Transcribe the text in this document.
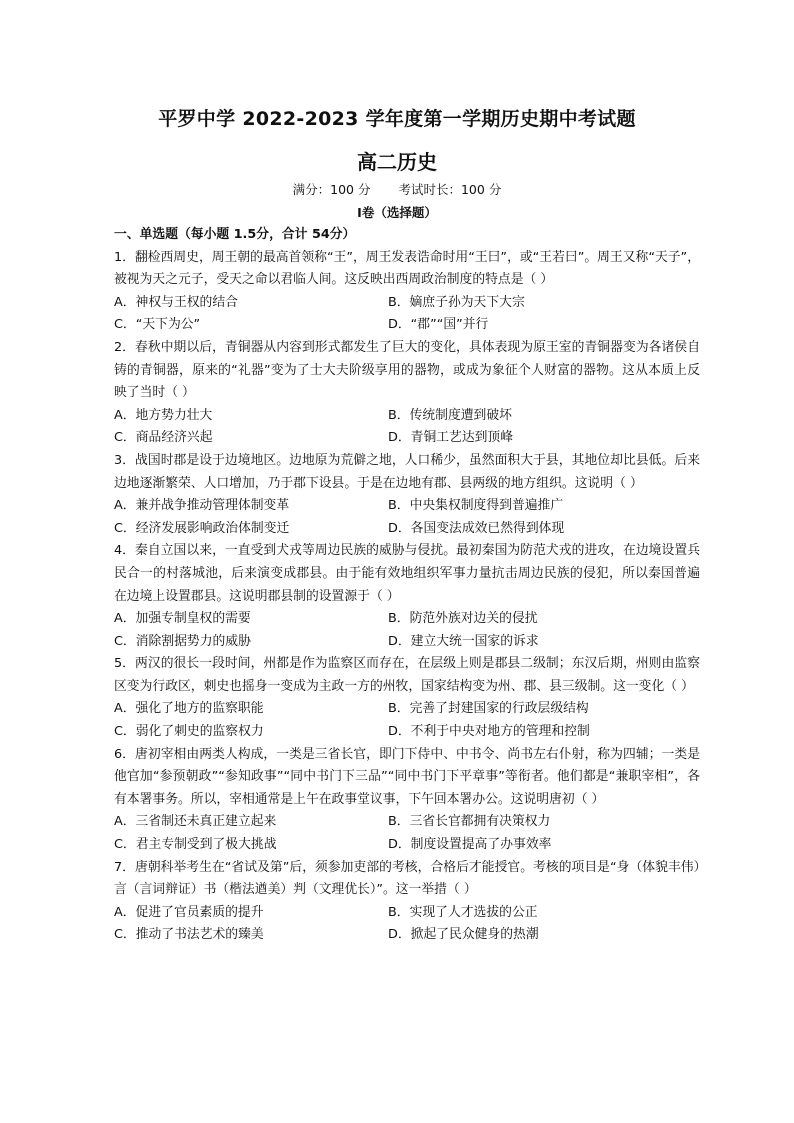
平罗中学 2022-2023 学年度第一学期历史期中考试题
高二历史
满分：100 分 考试时长：100 分
I卷（选择题）
一、单选题（每小题 1.5分，合计 54分）
1．翻检西周史，周王朝的最高首领称“王”，周王发表诰命时用“王曰”，或“王若曰”。周王又称“天子”，被视为天之元子，受天之命以君临人间。这反映出西周政治制度的特点是（ ）
A．神权与王权的结合	B．嫡庶子孙为天下大宗
C．“天下为公”	D．“郡”“国”并行
2．春秋中期以后，青铜器从内容到形式都发生了巨大的变化，具体表现为原王室的青铜器变为各诸侯自铸的青铜器，原来的“礼器”变为了士大夫阶级享用的器物，或成为象征个人财富的器物。这从本质上反映了当时（ ）
A．地方势力壮大	B．传统制度遭到破坏
C．商品经济兴起	D．青铜工艺达到顶峰
3．战国时郡是设于边境地区。边地原为荒僻之地，人口稀少，虽然面积大于县，其地位却比县低。后来边地逐渐繁荣、人口增加，乃于郡下设县。于是在边地有郡、县两级的地方组织。这说明（ ）
A．兼并战争推动管理体制变革	B．中央集权制度得到普遍推广
C．经济发展影响政治体制变迁	D．各国变法成效已然得到体现
4．秦自立国以来，一直受到犬戎等周边民族的威胁与侵扰。最初秦国为防范犬戎的进攻，在边境设置兵民合一的村落城池，后来演变成郡县。由于能有效地组织军事力量抗击周边民族的侵犯，所以秦国普遍在边境上设置郡县。这说明郡县制的设置源于（ ）
A．加强专制皇权的需要	B．防范外族对边关的侵扰
C．消除割据势力的威胁	D．建立大统一国家的诉求
5．两汉的很长一段时间，州都是作为监察区而存在，在层级上则是郡县二级制；东汉后期，州则由监察区变为行政区，刺史也摇身一变成为主政一方的州牧，国家结构变为州、郡、县三级制。这一变化（ ）
A．强化了地方的监察职能	B．完善了封建国家的行政层级结构
C．弱化了刺史的监察权力	D．不利于中央对地方的管理和控制
6．唐初宰相由两类人构成，一类是三省长官，即门下侍中、中书令、尚书左右仆射，称为四辅；一类是他官加“参预朝政”“参知政事”“同中书门下三品”“同中书门下平章事”等衔者。他们都是“兼职宰相”，各有本署事务。所以，宰相通常是上午在政事堂议事，下午回本署办公。这说明唐初（ ）
A．三省制还未真正建立起来	B．三省长官都拥有决策权力
C．君主专制受到了极大挑战	D．制度设置提高了办事效率
7．唐朝科举考生在“省试及第”后，须参加吏部的考核，合格后才能授官。考核的项目是“身（体貌丰伟）言（言词辩证）书（楷法遒美）判（文理优长）”。这一举措（ ）
A．促进了官员素质的提升	B．实现了人才选拔的公正
C．推动了书法艺术的臻美	D．掀起了民众健身的热潮
